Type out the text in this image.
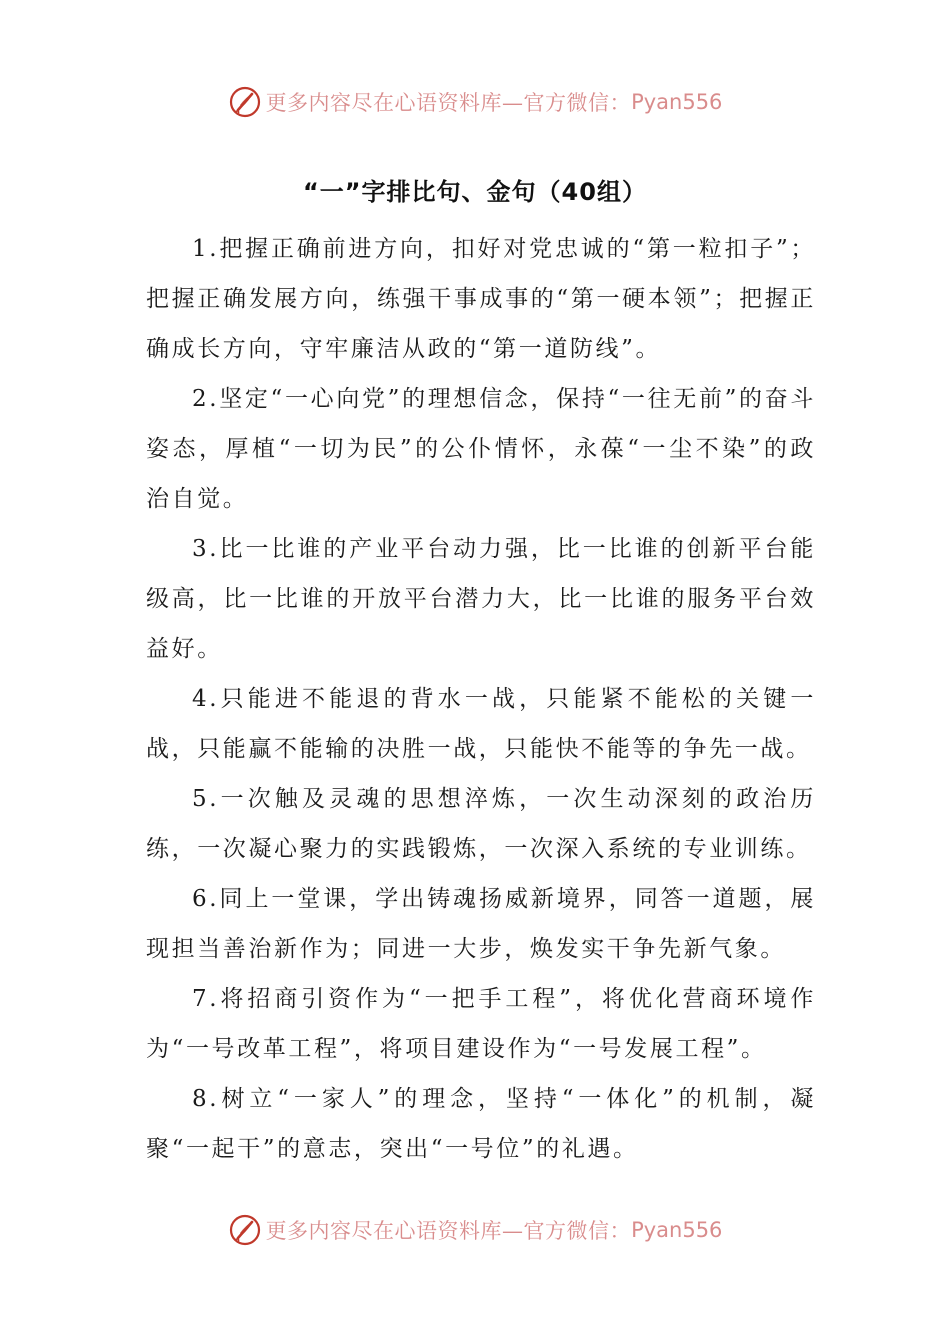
更多内容尽在心语资料库—官方微信： Pyan556
“一”字排比句、金句（40组）

1.把握正确前进方向，扣好对党忠诚的“第一粒扣子”；把握正确发展方向，练强干事成事的“第一硬本领”；把握正确成长方向，守牢廉洁从政的“第一道防线”。

2.坚定“一心向党”的理想信念，保持“一往无前”的奋斗姿态，厚植“一切为民”的公仆情怀，永葆“一尘不染”的政治自觉。

3.比一比谁的产业平台动力强，比一比谁的创新平台能级高，比一比谁的开放平台潜力大，比一比谁的服务平台效益好。

4.只能进不能退的背水一战，只能紧不能松的关键一战，只能赢不能输的决胜一战，只能快不能等的争先一战。

5.一次触及灵魂的思想淬炼，一次生动深刻的政治历练，一次凝心聚力的实践锻炼，一次深入系统的专业训练。

6.同上一堂课，学出铸魂扬威新境界，同答一道题，展现担当善治新作为；同进一大步，焕发实干争先新气象。

7.将招商引资作为“一把手工程”，将优化营商环境作为“一号改革工程”，将项目建设作为“一号发展工程”。

8.树立“一家人”的理念，坚持“一体化”的机制，凝聚“一起干”的意志，突出“一号位”的礼遇。

更多内容尽在心语资料库—官方微信： Pyan556
